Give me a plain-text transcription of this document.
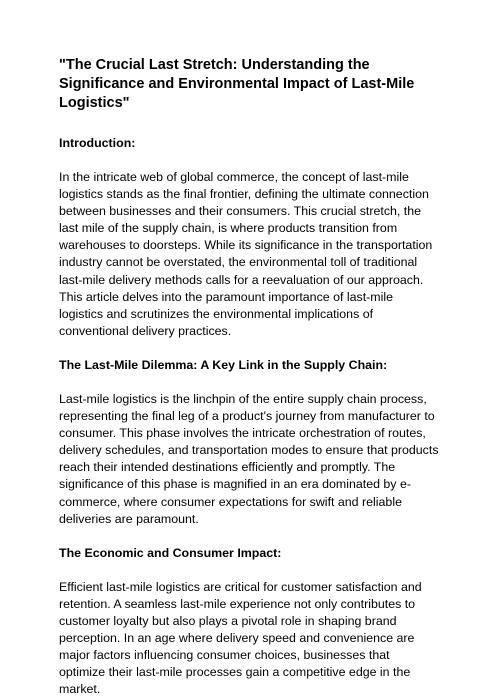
"The Crucial Last Stretch: Understanding the Significance and Environmental Impact of Last-Mile Logistics"
Introduction:
In the intricate web of global commerce, the concept of last-mile logistics stands as the final frontier, defining the ultimate connection between businesses and their consumers. This crucial stretch, the last mile of the supply chain, is where products transition from warehouses to doorsteps. While its significance in the transportation industry cannot be overstated, the environmental toll of traditional last-mile delivery methods calls for a reevaluation of our approach. This article delves into the paramount importance of last-mile logistics and scrutinizes the environmental implications of conventional delivery practices.
The Last-Mile Dilemma: A Key Link in the Supply Chain:
Last-mile logistics is the linchpin of the entire supply chain process, representing the final leg of a product's journey from manufacturer to consumer. This phase involves the intricate orchestration of routes, delivery schedules, and transportation modes to ensure that products reach their intended destinations efficiently and promptly. The significance of this phase is magnified in an era dominated by e-commerce, where consumer expectations for swift and reliable deliveries are paramount.
The Economic and Consumer Impact:
Efficient last-mile logistics are critical for customer satisfaction and retention. A seamless last-mile experience not only contributes to customer loyalty but also plays a pivotal role in shaping brand perception. In an age where delivery speed and convenience are major factors influencing consumer choices, businesses that optimize their last-mile processes gain a competitive edge in the market.
